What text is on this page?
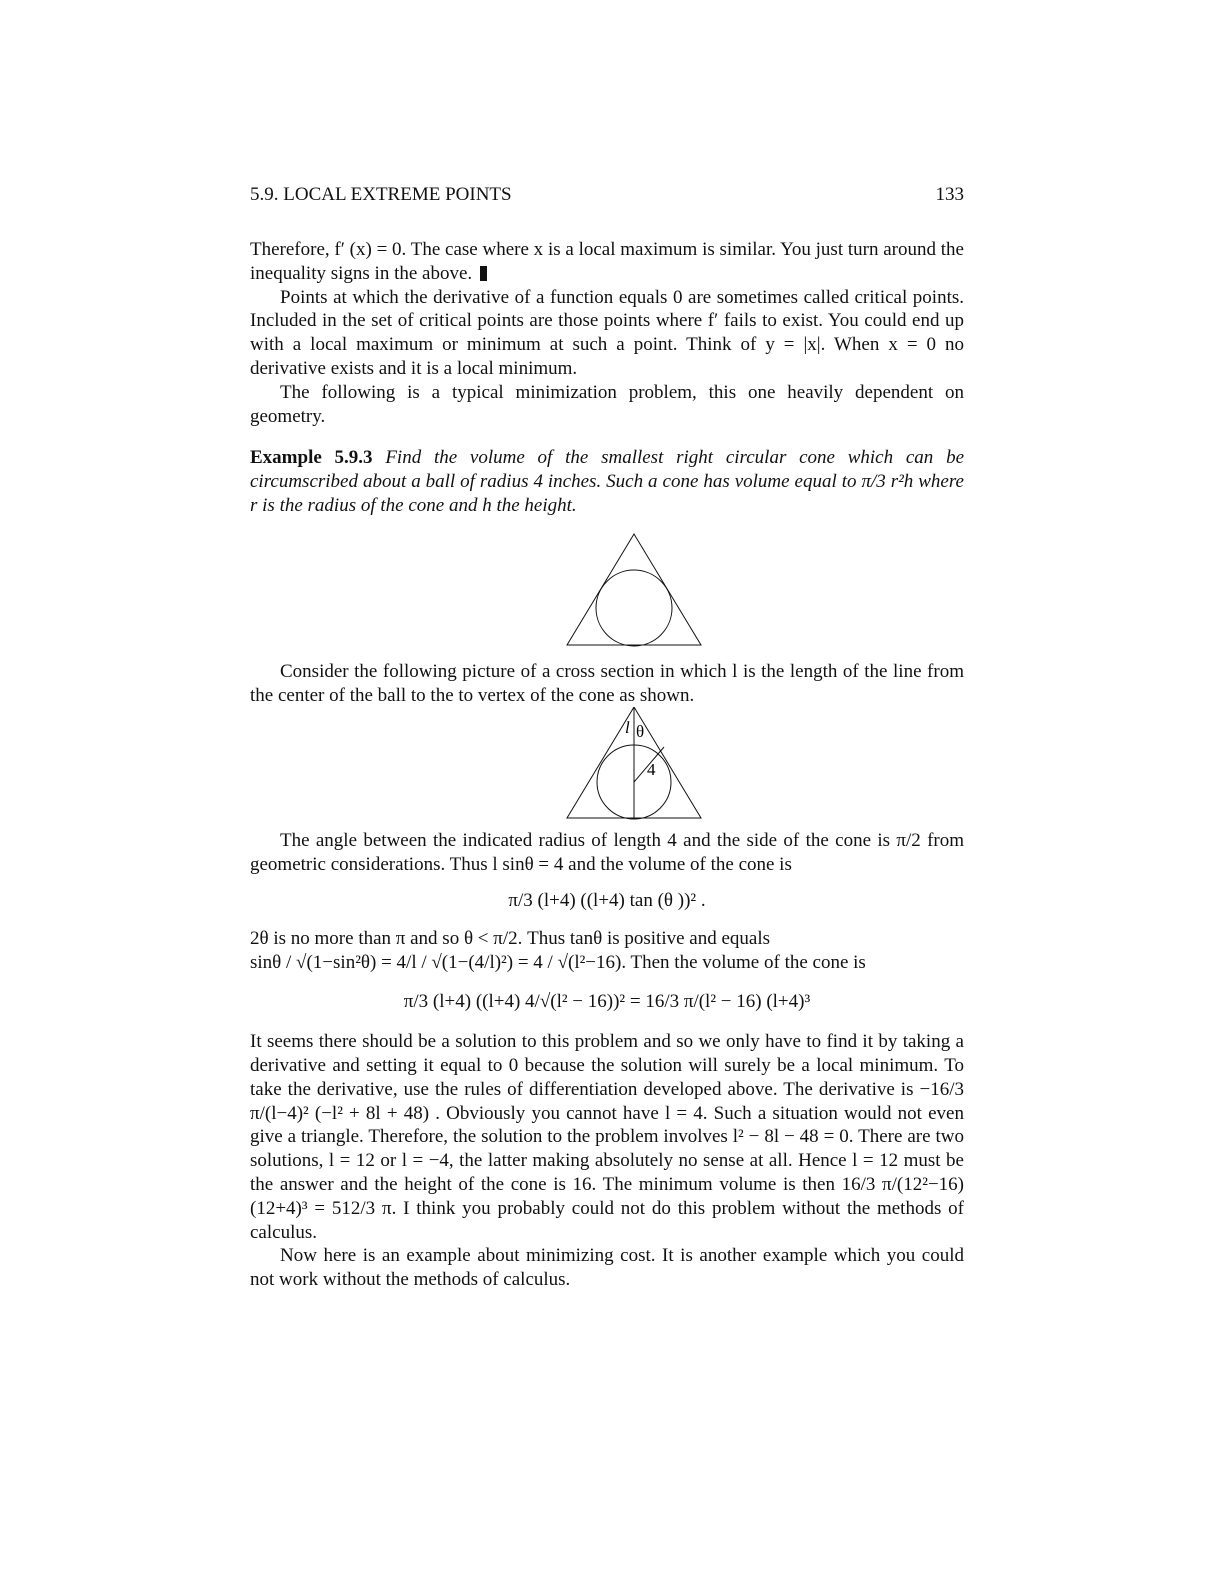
5.9. LOCAL EXTREME POINTS	133

Therefore, f′ (x) = 0. The case where x is a local maximum is similar. You just turn around the inequality signs in the above.

Points at which the derivative of a function equals 0 are sometimes called critical points. Included in the set of critical points are those points where f′ fails to exist. You could end up with a local maximum or minimum at such a point. Think of y = |x|. When x = 0 no derivative exists and it is a local minimum.

The following is a typical minimization problem, this one heavily dependent on geometry.

Example 5.9.3 Find the volume of the smallest right circular cone which can be circumscribed about a ball of radius 4 inches. Such a cone has volume equal to π/3 r²h where r is the radius of the cone and h the height.

Consider the following picture of a cross section in which l is the length of the line from the center of the ball to the to vertex of the cone as shown.

l θ
4

The angle between the indicated radius of length 4 and the side of the cone is π/2 from geometric considerations. Thus l sinθ = 4 and the volume of the cone is

π/3 (l+4) ((l+4) tan (θ ))² .

2θ is no more than π and so θ < π/2. Thus tanθ is positive and equals

sinθ / √(1−sin²θ) = 4/l / √(1−(4/l)²) = 4 / √(l²−16). Then the volume of the cone is

π/3 (l+4) ((l+4) 4/√(l² − 16))² = 16/3 π/(l² − 16) (l+4)³

It seems there should be a solution to this problem and so we only have to find it by taking a derivative and setting it equal to 0 because the solution will surely be a local minimum. To take the derivative, use the rules of differentiation developed above. The derivative is −16/3 π/(l−4)² (−l² + 8l + 48) . Obviously you cannot have l = 4. Such a situation would not even give a triangle. Therefore, the solution to the problem involves l² − 8l − 48 = 0. There are two solutions, l = 12 or l = −4, the latter making absolutely no sense at all. Hence l = 12 must be the answer and the height of the cone is 16. The minimum volume is then 16/3 π/(12²−16) (12+4)³ = 512/3 π. I think you probably could not do this problem without the methods of calculus.

Now here is an example about minimizing cost. It is another example which you could not work without the methods of calculus.
